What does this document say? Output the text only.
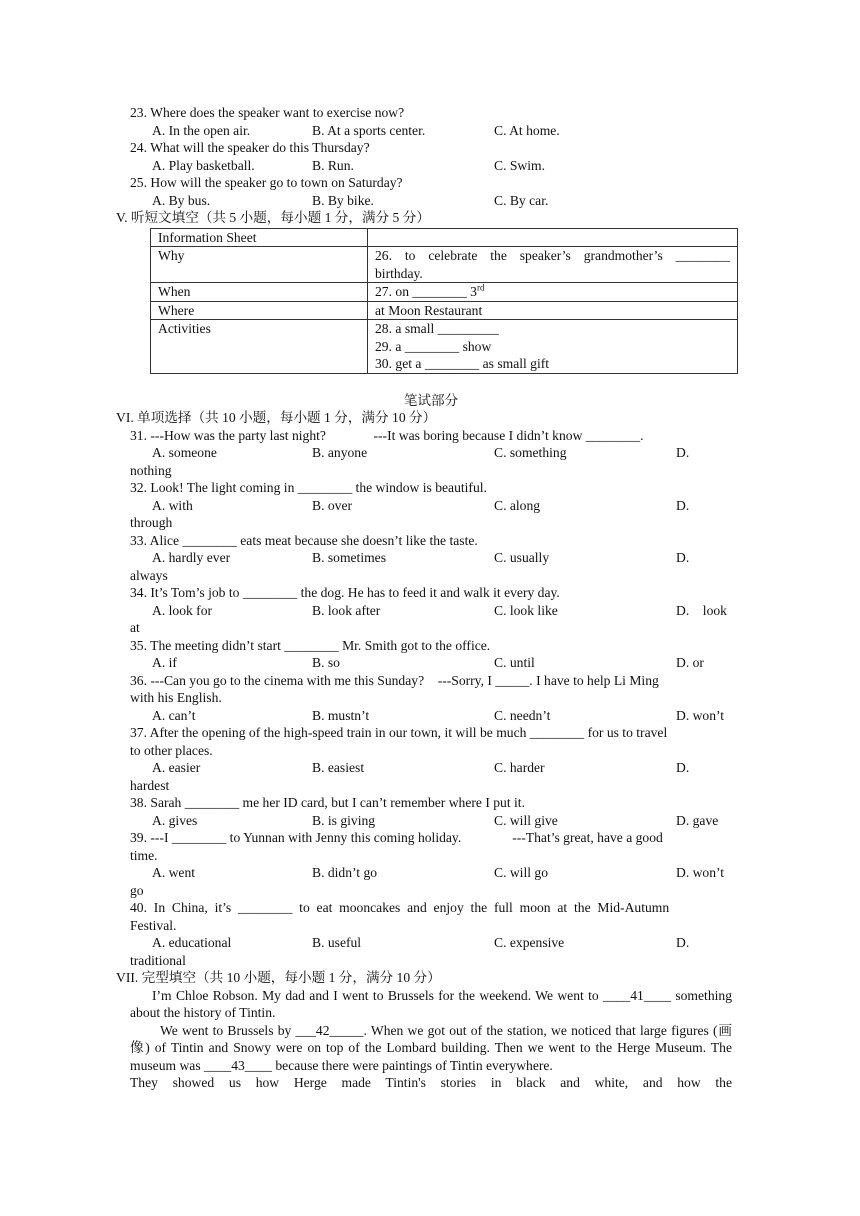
23. Where does the speaker want to exercise now?
A. In the open air.	B. At a sports center.	C. At home.
24. What will the speaker do this Thursday?
A. Play basketball.	B. Run.	C. Swim.
25. How will the speaker go to town on Saturday?
A. By bus.	B. By bike.	C. By car.
V. 听短文填空（共 5 小题，每小题 1 分，满分 5 分）
Information Sheet	
Why	26.  to  celebrate  the  speaker’s  grandmother’s  ________
birthday.

When	27. on ________ 3rd
Where	at Moon Restaurant
Activities	28. a small _________
29. a ________ show
30. get a ________ as small gift
笔试部分
VI. 单项选择（共 10 小题，每小题 1 分，满分 10 分）
31. ---How was the party last night?              ---It was boring because I didn’t know ________.
A. someone	B. anyone	C. something	D.
nothing
32. Look! The light coming in ________ the window is beautiful.
A. with	B. over	C. along	D.
through
33. Alice ________ eats meat because she doesn’t like the taste.
A. hardly ever	B. sometimes	C. usually	D.
always
34. It’s Tom’s job to ________ the dog. He has to feed it and walk it every day.
A. look for	B. look after	C. look like	D.    look
at
35. The meeting didn’t start ________ Mr. Smith got to the office.
A. if	B. so	C. until	D. or
36. ---Can you go to the cinema with me this Sunday?    ---Sorry, I _____. I have to help Li Ming
with his English.
A. can’t	B. mustn’t	C. needn’t	D. won’t
37. After the opening of the high-speed train in our town, it will be much ________ for us to travel
to other places.
A. easier	B. easiest	C. harder	D.
hardest
38. Sarah ________ me her ID card, but I can’t remember where I put it.
A. gives	B. is giving	C. will give	D. gave
39. ---I ________ to Yunnan with Jenny this coming holiday.               ---That’s great, have a good
time.
A. went	B. didn’t go	C. will go	D. won’t
go
40.  In  China,  it’s  ________  to  eat  mooncakes  and  enjoy  the  full  moon  at  the  Mid-Autumn
Festival.
A. educational	B. useful	C. expensive	D.
traditional
VII. 完型填空（共 10 小题，每小题 1 分，满分 10 分）
I’m Chloe Robson. My dad and I went to Brussels for the weekend. We went to ____41____ something about the history of Tintin.
We went to Brussels by ___42_____. When we got out of the station, we noticed that large figures (画像) of Tintin and Snowy were on top of the Lombard building. Then we went to the Herge Museum. The museum was ____43____ because there were paintings of Tintin everywhere.
They    showed    us    how    Herge    made    Tintin's    stories    in    black    and    white,    and    how    the
